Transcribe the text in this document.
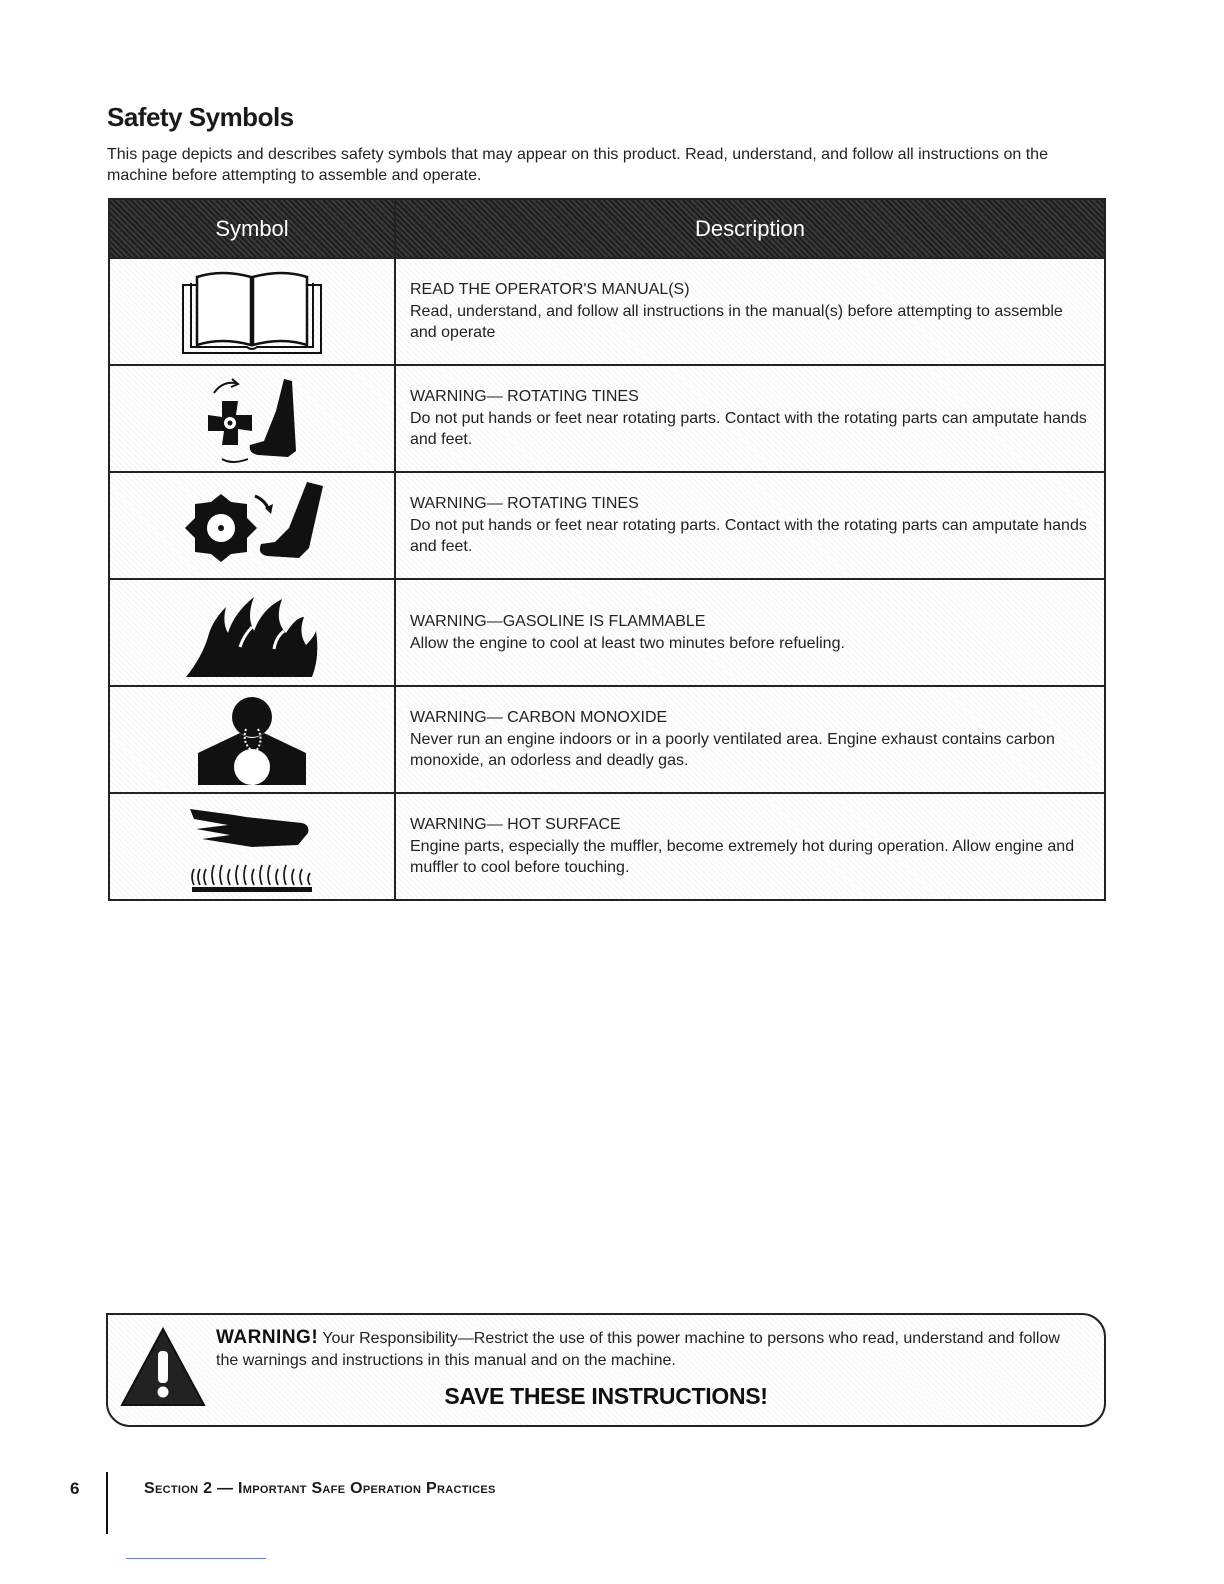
Safety Symbols
This page depicts and describes safety symbols that may appear on this product. Read, understand, and follow all instructions on the machine before attempting to assemble and operate.
Symbol	Description

READ THE OPERATOR'S MANUAL(S)
Read, understand, and follow all instructions in the manual(s) before attempting to assemble and operate

WARNING— ROTATING TINES
Do not put hands or feet near rotating parts. Contact with the rotating parts can amputate hands and feet.

WARNING— ROTATING TINES
Do not put hands or feet near rotating parts. Contact with the rotating parts can amputate hands and feet.

WARNING—GASOLINE IS FLAMMABLE
Allow the engine to cool at least two minutes before refueling.

WARNING— CARBON MONOXIDE
Never run an engine indoors or in a poorly ventilated area. Engine exhaust contains carbon monoxide, an odorless and deadly gas.

WARNING— HOT SURFACE
Engine parts, especially the muffler, become extremely hot during operation. Allow engine and muffler to cool before touching.
WARNING! Your Responsibility—Restrict the use of this power machine to persons who read, understand and follow the warnings and instructions in this manual and on the machine.
SAVE THESE INSTRUCTIONS!
6	Section 2 — Important Safe Operation Practices
